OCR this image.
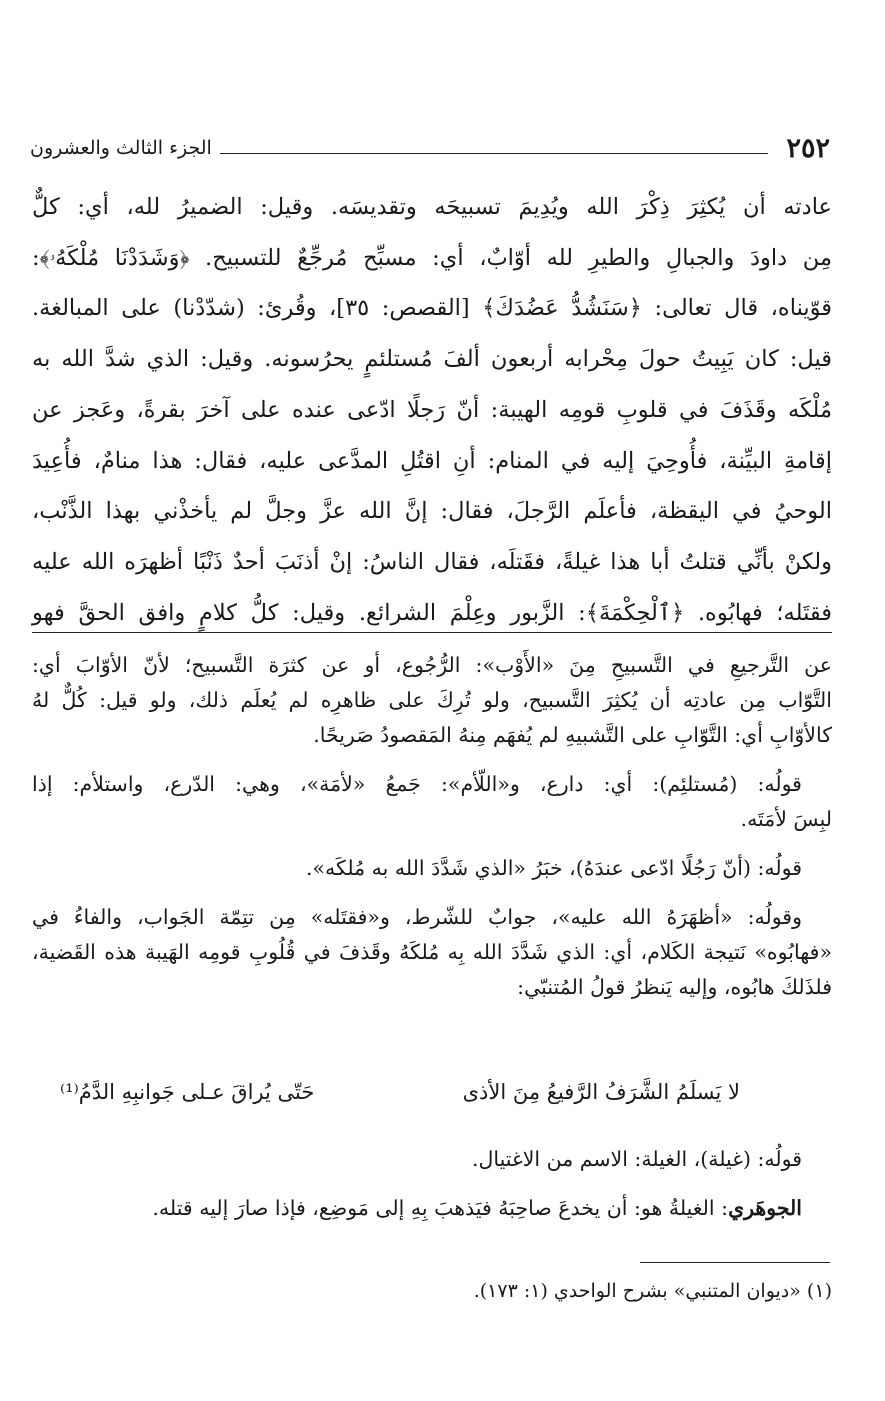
٢٥٢
الجزء الثالث والعشرون

عادته أن يُكثِرَ ذِكْرَ الله ويُدِيمَ تسبيحَه وتقديسَه. وقيل: الضميرُ لله، أي: كلٌّ

مِن داودَ والجبالِ والطيرِ لله أوّابٌ، أي: مسبِّح مُرجِّعٌ للتسبيح. ﴿وَشَدَدْنَا مُلْكَهُۥ﴾:

قوّيناه، قال تعالى: ﴿سَنَشُدُّ عَضُدَكَ﴾ [القصص: ٣٥]، وقُرئ: (شدّدْنا) على المبالغة.

قيل: كان يَبِيتُ حولَ مِحْرابه أربعون ألفَ مُستلئمٍ يحرُسونه. وقيل: الذي شدَّ الله به

مُلْكَه وقَذَفَ في قلوبِ قومِه الهيبة: أنّ رَجلًا ادّعى عنده على آخرَ بقرةً، وعَجز عن

إقامةِ البيِّنة، فأُوحِيَ إليه في المنام: أنِ اقتُلِ المدَّعى عليه، فقال: هذا منامٌ، فأُعِيدَ

الوحيُ في اليقظة، فأعلَم الرَّجلَ، فقال: إنَّ الله عزَّ وجلَّ لم يأخذْني بهذا الذَّنْب،

ولكنْ بأنِّي قتلتُ أبا هذا غيلةً، فقَتلَه، فقال الناسُ: إنْ أذنَبَ أحدٌ ذَنْبًا أظهرَه الله عليه

فقتَله؛ فهابُوه. ﴿ٱلْحِكْمَةَ﴾: الزَّبور وعِلْمَ الشرائع. وقيل: كلُّ كلامٍ وافق الحقَّ فهو

عن التَّرجيعِ في التَّسبيحِ مِنَ «الأَوْب»: الرُّجُوع، أو عن كثرَة التَّسبيح؛ لأنّ الأوّابَ أي:

التَّوّاب مِن عادتِه أن يُكثِرَ التَّسبيح، ولو تُرِكَ على ظاهرِه لم يُعلَم ذلك، ولو قيل: كُلٌّ لهُ

كالأوّابِ أي: التَّوّابِ على التَّشبيهِ لم يُفهَم مِنهُ المَقصودُ صَريحًا.

قولُه: (مُستلئِم): أي: دارع، و«اللّأم»: جَمعُ «لأمَة»، وهي: الدّرع، واستلأم: إذا

لبِسَ لأمَتَه.

قولُه: (أنّ رَجُلًا ادّعى عندَهُ)، خبَرُ «الذي شَدَّدَ الله به مُلكَه».

وقولُه: «أظهَرَهُ الله عليه»، جوابٌ للشّرط، و«فقتَله» مِن تتِمّة الجَواب، والفاءُ في

«فهابُوه» نَتيجة الكَلام، أي: الذي شَدَّدَ الله بِه مُلكَهُ وقَذفَ في قُلُوبِ قومِه الهَيبة هذه القَضية،

فلذَلكَ هابُوه، وإليه يَنظرُ قولُ المُتنبّي:

لا يَسلَمُ الشَّرَفُ الرَّفيعُ مِنَ الأذى
حَتّى يُراقَ عـلى جَوانبِهِ الدَّمُ⁽¹⁾

قولُه: (غيلة)، الغيلة: الاسم من الاغتيال.

الجوهَري: الغيلةُ هو: أن يخدعَ صاحِبَهُ فيَذهبَ بِهِ إلى مَوضِع، فإذا صارَ إليه قتله.

(١) «ديوان المتنبي» بشرح الواحدي (١: ١٧٣).
